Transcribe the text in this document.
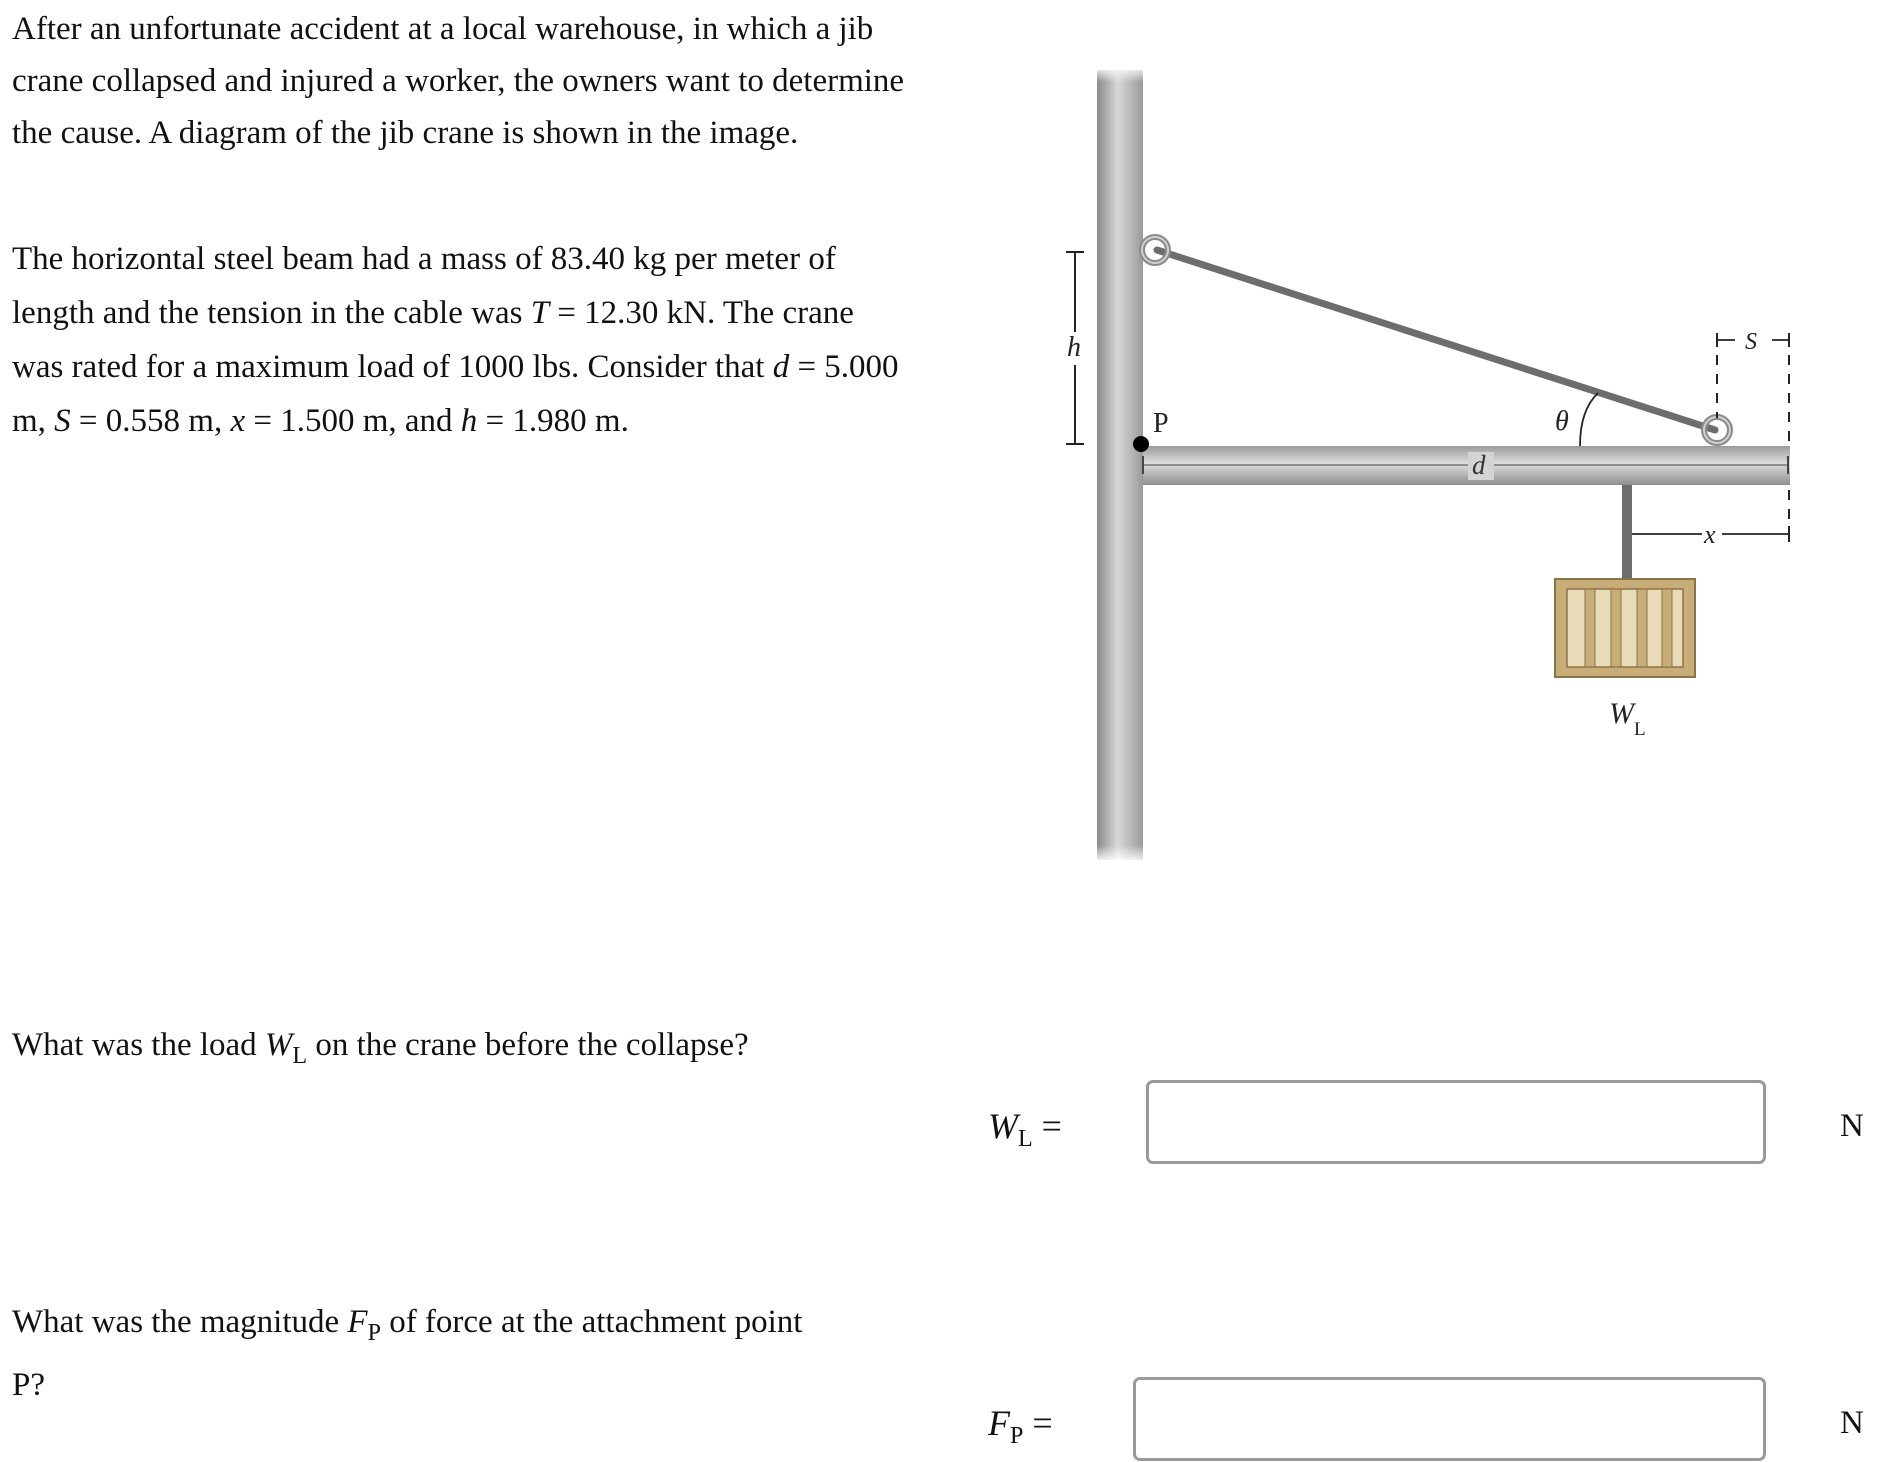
After an unfortunate accident at a local warehouse, in which a jib crane collapsed and injured a worker, the owners want to determine the cause. A diagram of the jib crane is shown in the image.

The horizontal steel beam had a mass of 83.40 kg per meter of length and the tension in the cable was T = 12.30 kN. The crane was rated for a maximum load of 1000 lbs. Consider that d = 5.000 m, S = 0.558 m, x = 1.500 m, and h = 1.980 m.	P
h
θ
d
S
x
$W_L$

What was the load $W_L$ on the crane before the collapse?

$W_L$ =	N

What was the magnitude $F_P$ of force at the attachment point P?

$F_P$ =	N
